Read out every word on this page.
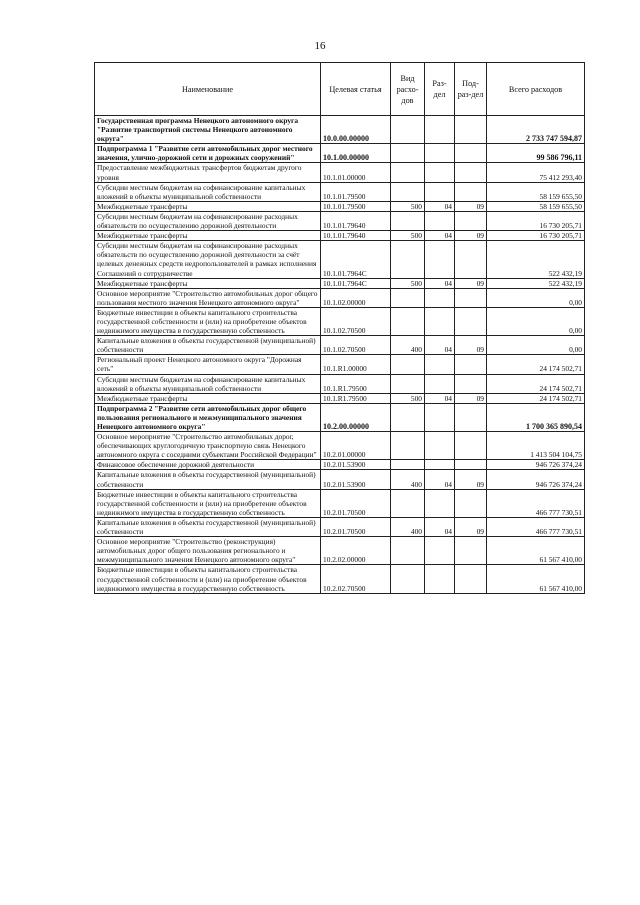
16
Наименование	Целевая статья	Вид расхо-дов	Раз-дел	Под-раз-дел	Всего расходов
Государственная программа Ненецкого автономного округа "Развитие транспортной системы Ненецкого автономного округа"	10.0.00.00000				2 733 747 594,87
Подпрограмма 1 "Развитие сети автомобильных дорог местного значения, улично-дорожной сети и дорожных сооружений"	10.1.00.00000				99 586 796,11
Предоставление межбюджетных трансфертов бюджетам другого уровня	10.1.01.00000				75 412 293,40
Субсидии местным бюджетам на софинансирование капитальных вложений в объекты муниципальной собственности	10.1.01.79500				58 159 655,50
Межбюджетные трансферты	10.1.01.79500	500	04	09	58 159 655,50
Субсидии местным бюджетам на софинансирование расходных обязательств по осуществлению дорожной деятельности	10.1.01.79640				16 730 205,71
Межбюджетные трансферты	10.1.01.79640	500	04	09	16 730 205,71
Субсидии местным бюджетам на софинансирование расходных обязательств по осуществлению дорожной деятельности за счёт целевых денежных средств недропользователей в рамках исполнения Соглашений о сотрудничестве	10.1.01.7964С				522 432,19
Межбюджетные трансферты	10.1.01.7964С	500	04	09	522 432,19
Основное мероприятие "Строительство автомобильных дорог общего пользования местного значения Ненецкого автономного округа"	10.1.02.00000				0,00
Бюджетные инвестиции в объекты капитального строительства государственной собственности и (или) на приобретение объектов недвижимого имущества в государственную собственность	10.1.02.70500				0,00
Капитальные вложения в объекты государственной (муниципальной) собственности	10.1.02.70500	400	04	09	0,00
Региональный проект Ненецкого автономного округа "Дорожная сеть"	10.1.R1.00000				24 174 502,71
Субсидии местным бюджетам на софинансирование капитальных вложений в объекты муниципальной собственности	10.1.R1.79500				24 174 502,71
Межбюджетные трансферты	10.1.R1.79500	500	04	09	24 174 502,71
Подпрограмма 2 "Развитие сети автомобильных дорог общего пользования регионального и межмуниципального значения Ненецкого автономного округа"	10.2.00.00000				1 700 365 890,54
Основное мероприятие "Строительство автомобильных дорог, обеспечивающих круглогодичную транспортную связь Ненецкого автономного округа с соседними субъектами Российской Федерации"	10.2.01.00000				1 413 504 104,75
Финансовое обеспечение дорожной деятельности	10.2.01.53900				946 726 374,24
Капитальные вложения в объекты государственной (муниципальной) собственности	10.2.01.53900	400	04	09	946 726 374,24
Бюджетные инвестиции в объекты капитального строительства государственной собственности и (или) на приобретение объектов недвижимого имущества в государственную собственность	10.2.01.70500				466 777 730,51
Капитальные вложения в объекты государственной (муниципальной) собственности	10.2.01.70500	400	04	09	466 777 730,51
Основное мероприятие "Строительство (реконструкция) автомобильных дорог общего пользования регионального и межмуниципального значения Ненецкого автономного округа"	10.2.02.00000				61 567 410,00
Бюджетные инвестиции в объекты капитального строительства государственной собственности и (или) на приобретение объектов недвижимого имущества в государственную собственность	10.2.02.70500				61 567 410,00
